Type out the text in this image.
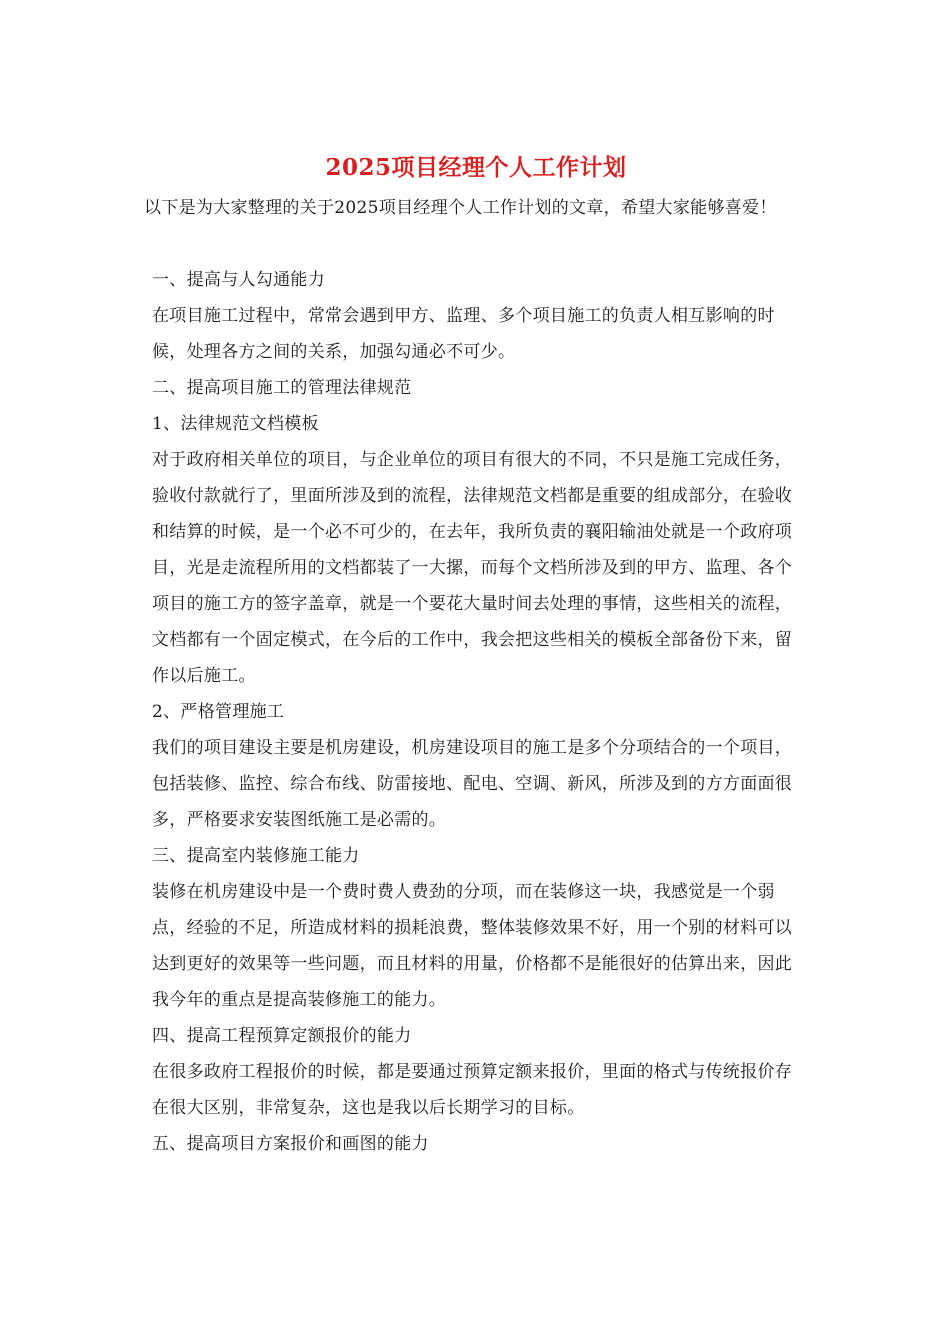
2025项目经理个人工作计划

以下是为大家整理的关于2025项目经理个人工作计划的文章，希望大家能够喜爱！

一、提高与人勾通能力

在项目施工过程中，常常会遇到甲方、监理、多个项目施工的负责人相互影响的时候，处理各方之间的关系，加强勾通必不可少。

二、提高项目施工的管理法律规范

1、法律规范文档模板

对于政府相关单位的项目，与企业单位的项目有很大的不同，不只是施工完成任务，验收付款就行了，里面所涉及到的流程，法律规范文档都是重要的组成部分，在验收和结算的时候，是一个必不可少的，在去年，我所负责的襄阳输油处就是一个政府项目，光是走流程所用的文档都装了一大摞，而每个文档所涉及到的甲方、监理、各个项目的施工方的签字盖章，就是一个要花大量时间去处理的事情，这些相关的流程，文档都有一个固定模式，在今后的工作中，我会把这些相关的模板全部备份下来，留作以后施工。

2、严格管理施工

我们的项目建设主要是机房建设，机房建设项目的施工是多个分项结合的一个项目，包括装修、监控、综合布线、防雷接地、配电、空调、新风，所涉及到的方方面面很多，严格要求安装图纸施工是必需的。

三、提高室内装修施工能力

装修在机房建设中是一个费时费人费劲的分项，而在装修这一块，我感觉是一个弱点，经验的不足，所造成材料的损耗浪费，整体装修效果不好，用一个别的材料可以达到更好的效果等一些问题，而且材料的用量，价格都不是能很好的估算出来，因此我今年的重点是提高装修施工的能力。

四、提高工程预算定额报价的能力

在很多政府工程报价的时候，都是要通过预算定额来报价，里面的格式与传统报价存在很大区别，非常复杂，这也是我以后长期学习的目标。

五、提高项目方案报价和画图的能力
